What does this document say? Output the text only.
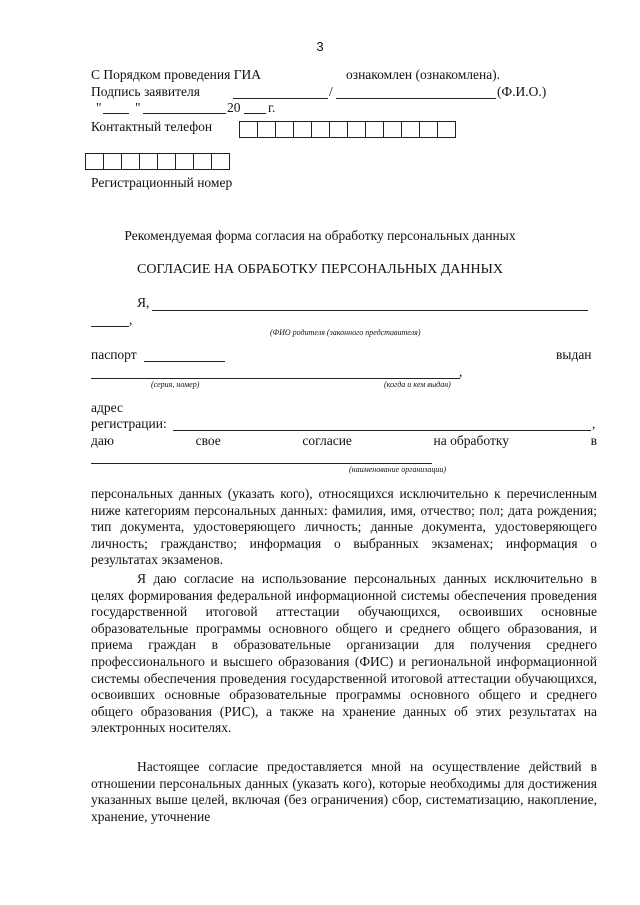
3
С Порядком проведения ГИА	ознакомлен (ознакомлена).
Подпись заявителя	/	(Ф.И.О.)
" "	20 г.
Контактный телефон
Регистрационный номер
Рекомендуемая форма согласия на обработку персональных данных
СОГЛАСИЕ НА ОБРАБОТКУ ПЕРСОНАЛЬНЫХ ДАННЫХ
Я,
,
(ФИО родителя (законного представителя)
паспорт	выдан
,
(серия, номер)	(когда и кем выдан)
адрес
регистрации:	,
даю	свое	согласие	на обработку	в
(наименование организации)
персональных данных (указать кого), относящихся исключительно к перечисленным ниже категориям персональных данных: фамилия, имя, отчество; пол; дата рождения; тип документа, удостоверяющего личность; данные документа, удостоверяющего личность; гражданство; информация о выбранных экзаменах; информация о результатах экзаменов.
Я даю согласие на использование персональных данных исключительно в целях формирования федеральной информационной системы обеспечения проведения государственной итоговой аттестации обучающихся, освоивших основные образовательные программы основного общего и среднего общего образования, и приема граждан в образовательные организации для получения среднего профессионального и высшего образования (ФИС) и региональной информационной системы обеспечения проведения государственной итоговой аттестации обучающихся, освоивших основные образовательные программы основного общего и среднего общего образования (РИС), а также на хранение данных об этих результатах на электронных носителях.
Настоящее согласие предоставляется мной на осуществление действий в отношении персональных данных (указать кого), которые необходимы для достижения указанных выше целей, включая (без ограничения) сбор, систематизацию, накопление, хранение, уточнение
